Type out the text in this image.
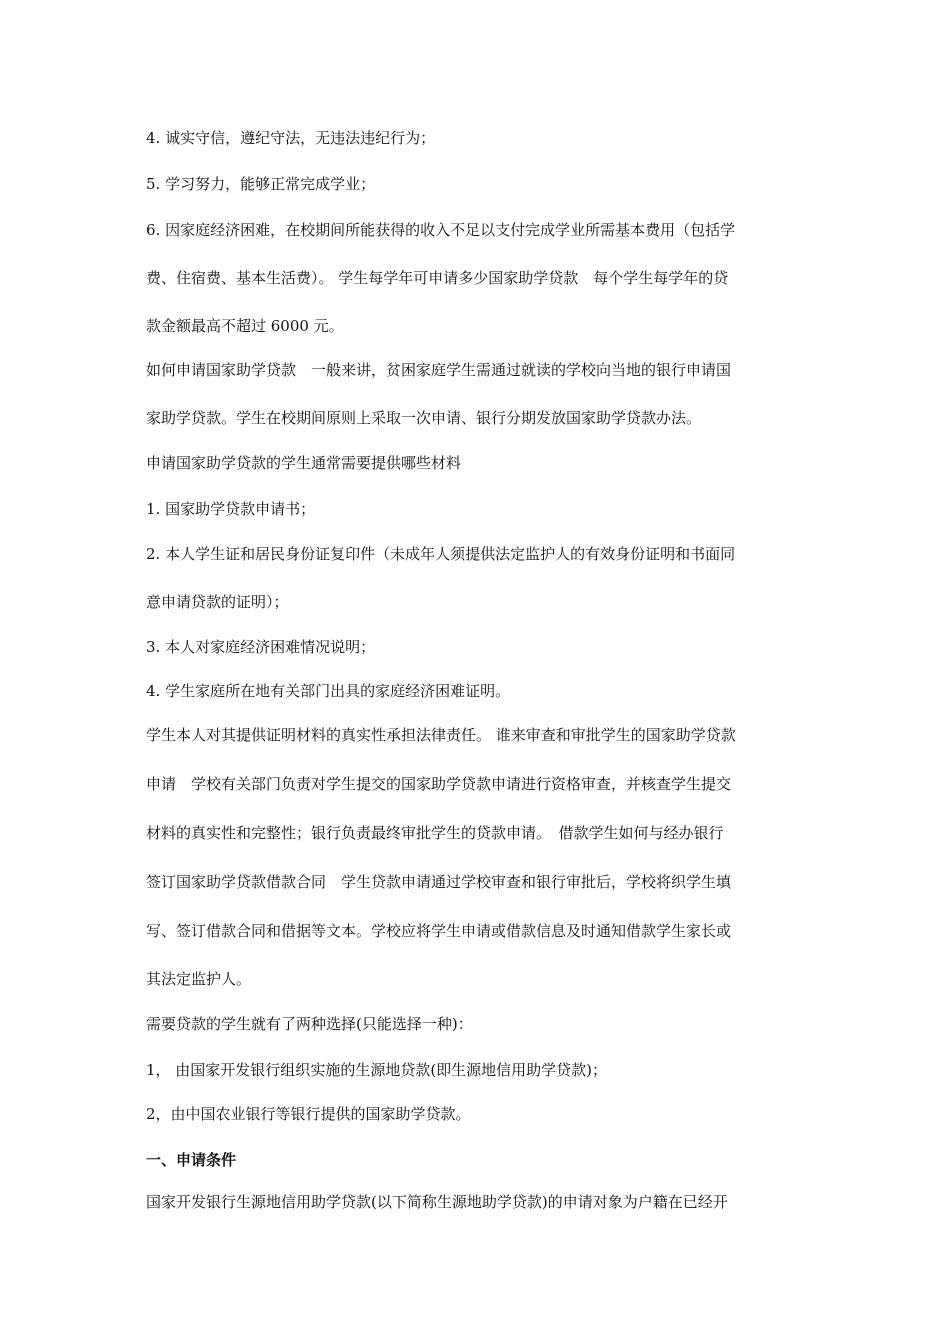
4. 诚实守信，遵纪守法，无违法违纪行为；
5. 学习努力，能够正常完成学业；
6. 因家庭经济困难，在校期间所能获得的收入不足以支付完成学业所需基本费用（包括学
费、住宿费、基本生活费）。 学生每学年可申请多少国家助学贷款　每个学生每学年的贷
款金额最高不超过 6000 元。
如何申请国家助学贷款　一般来讲，贫困家庭学生需通过就读的学校向当地的银行申请国
家助学贷款。学生在校期间原则上采取一次申请、银行分期发放国家助学贷款办法。
申请国家助学贷款的学生通常需要提供哪些材料
1. 国家助学贷款申请书；
2. 本人学生证和居民身份证复印件（未成年人须提供法定监护人的有效身份证明和书面同
意申请贷款的证明）；
3. 本人对家庭经济困难情况说明；
4. 学生家庭所在地有关部门出具的家庭经济困难证明。
学生本人对其提供证明材料的真实性承担法律责任。 谁来审查和审批学生的国家助学贷款
申请　学校有关部门负责对学生提交的国家助学贷款申请进行资格审查，并核查学生提交
材料的真实性和完整性；银行负责最终审批学生的贷款申请。　借款学生如何与经办银行
签订国家助学贷款借款合同　学生贷款申请通过学校审查和银行审批后，学校将织学生填
写、签订借款合同和借据等文本。学校应将学生申请或借款信息及时通知借款学生家长或
其法定监护人。
需要贷款的学生就有了两种选择(只能选择一种)：
1， 由国家开发银行组织实施的生源地贷款(即生源地信用助学贷款)；
2，由中国农业银行等银行提供的国家助学贷款。
一、申请条件
国家开发银行生源地信用助学贷款(以下简称生源地助学贷款)的申请对象为户籍在已经开
